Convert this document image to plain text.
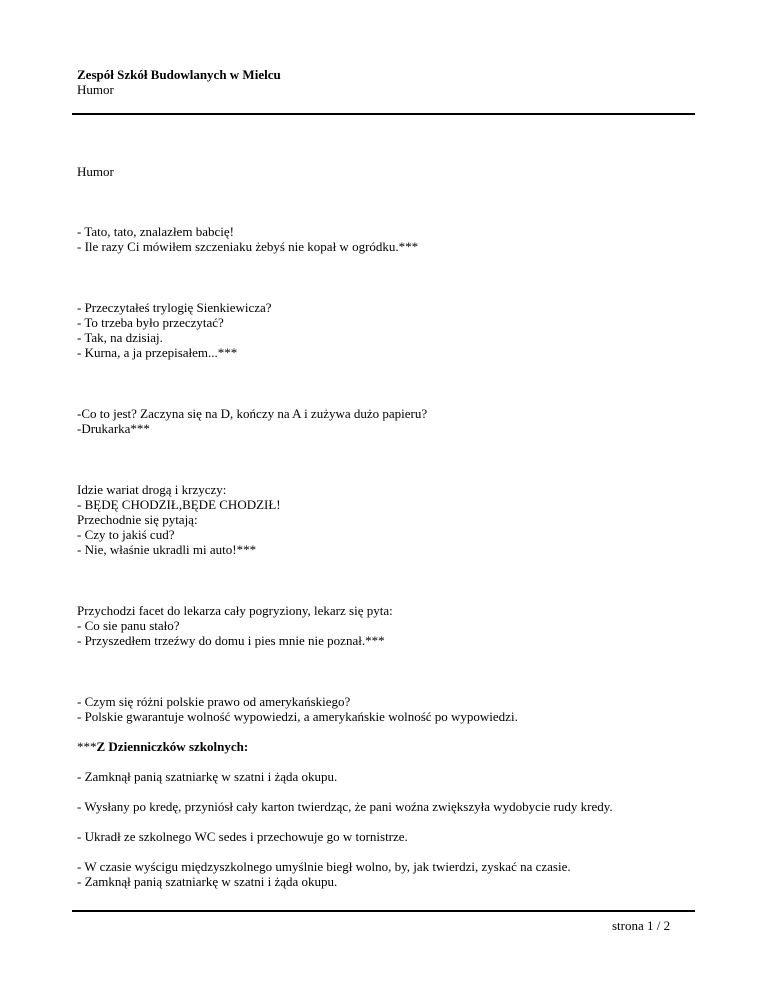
Zespół Szkół Budowlanych w Mielcu
Humor
Humor
- Tato, tato, znalazłem babcię!
- Ile razy Ci mówiłem szczeniaku żebyś nie kopał w ogródku.***
- Przeczytałeś trylogię Sienkiewicza?
- To trzeba było przeczytać?
- Tak, na dzisiaj.
- Kurna, a ja przepisałem...***
-Co to jest? Zaczyna się na D, kończy na A i zużywa dużo papieru?
-Drukarka***
Idzie wariat drogą i krzyczy:
- BĘDĘ CHODZIŁ,BĘDE CHODZIŁ!
Przechodnie się pytają:
- Czy to jakiś cud?
- Nie, właśnie ukradli mi auto!***
Przychodzi facet do lekarza cały pogryziony, lekarz się pyta:
- Co sie panu stało?
- Przyszedłem trzeźwy do domu i pies mnie nie poznał.***
- Czym się różni polskie prawo od amerykańskiego?
- Polskie gwarantuje wolność wypowiedzi, a amerykańskie wolność po wypowiedzi.
***Z Dzienniczków szkolnych:
- Zamknął panią szatniarkę w szatni i żąda okupu.
- Wysłany po kredę, przyniósł cały karton twierdząc, że pani woźna zwiększyła wydobycie rudy kredy.
- Ukradł ze szkolnego WC sedes i przechowuje go w tornistrze.
- W czasie wyścigu międzyszkolnego umyślnie biegł wolno, by, jak twierdzi, zyskać na czasie.
- Zamknął panią szatniarkę w szatni i żąda okupu.
strona 1 / 2
